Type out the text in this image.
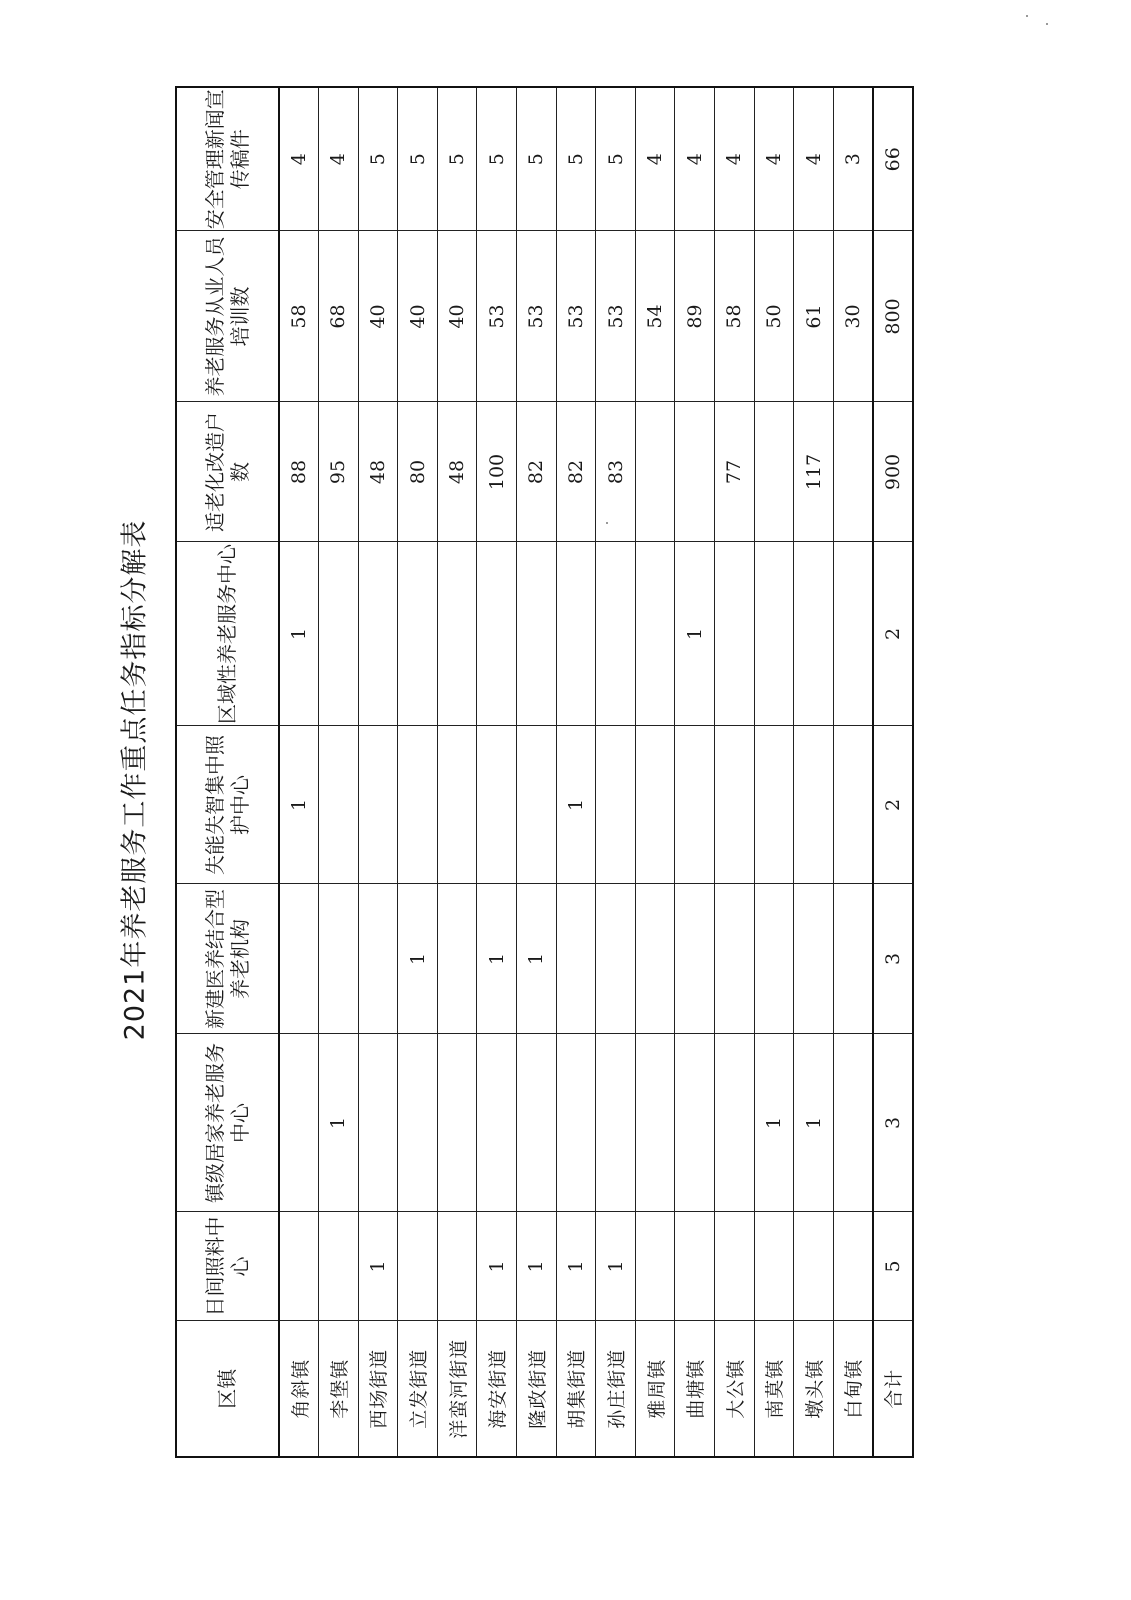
2021年养老服务工作重点任务指标分解表
区镇	日间照料中心	镇级居家养老服务中心	新建医养结合型养老机构	失能失智集中照护中心	区域性养老服务中心	适老化改造户数	养老服务从业人员培训数	安全管理新闻宣传稿件
角斜镇				1	1	88	58	4
李堡镇		1				95	68	4
西场街道	1					48	40	5
立发街道			1			80	40	5
洋蛮河街道						48	40	5
海安街道	1		1			100	53	5
隆政街道	1		1			82	53	5
胡集街道	1			1		82	53	5
孙庄街道	1					83	53	5
雅周镇							54	4
曲塘镇					1		89	4
大公镇						77	58	4
南莫镇		1					50	4
墩头镇		1				117	61	4
白甸镇							30	3
合计	5	3	3	2	2	900	800	66
